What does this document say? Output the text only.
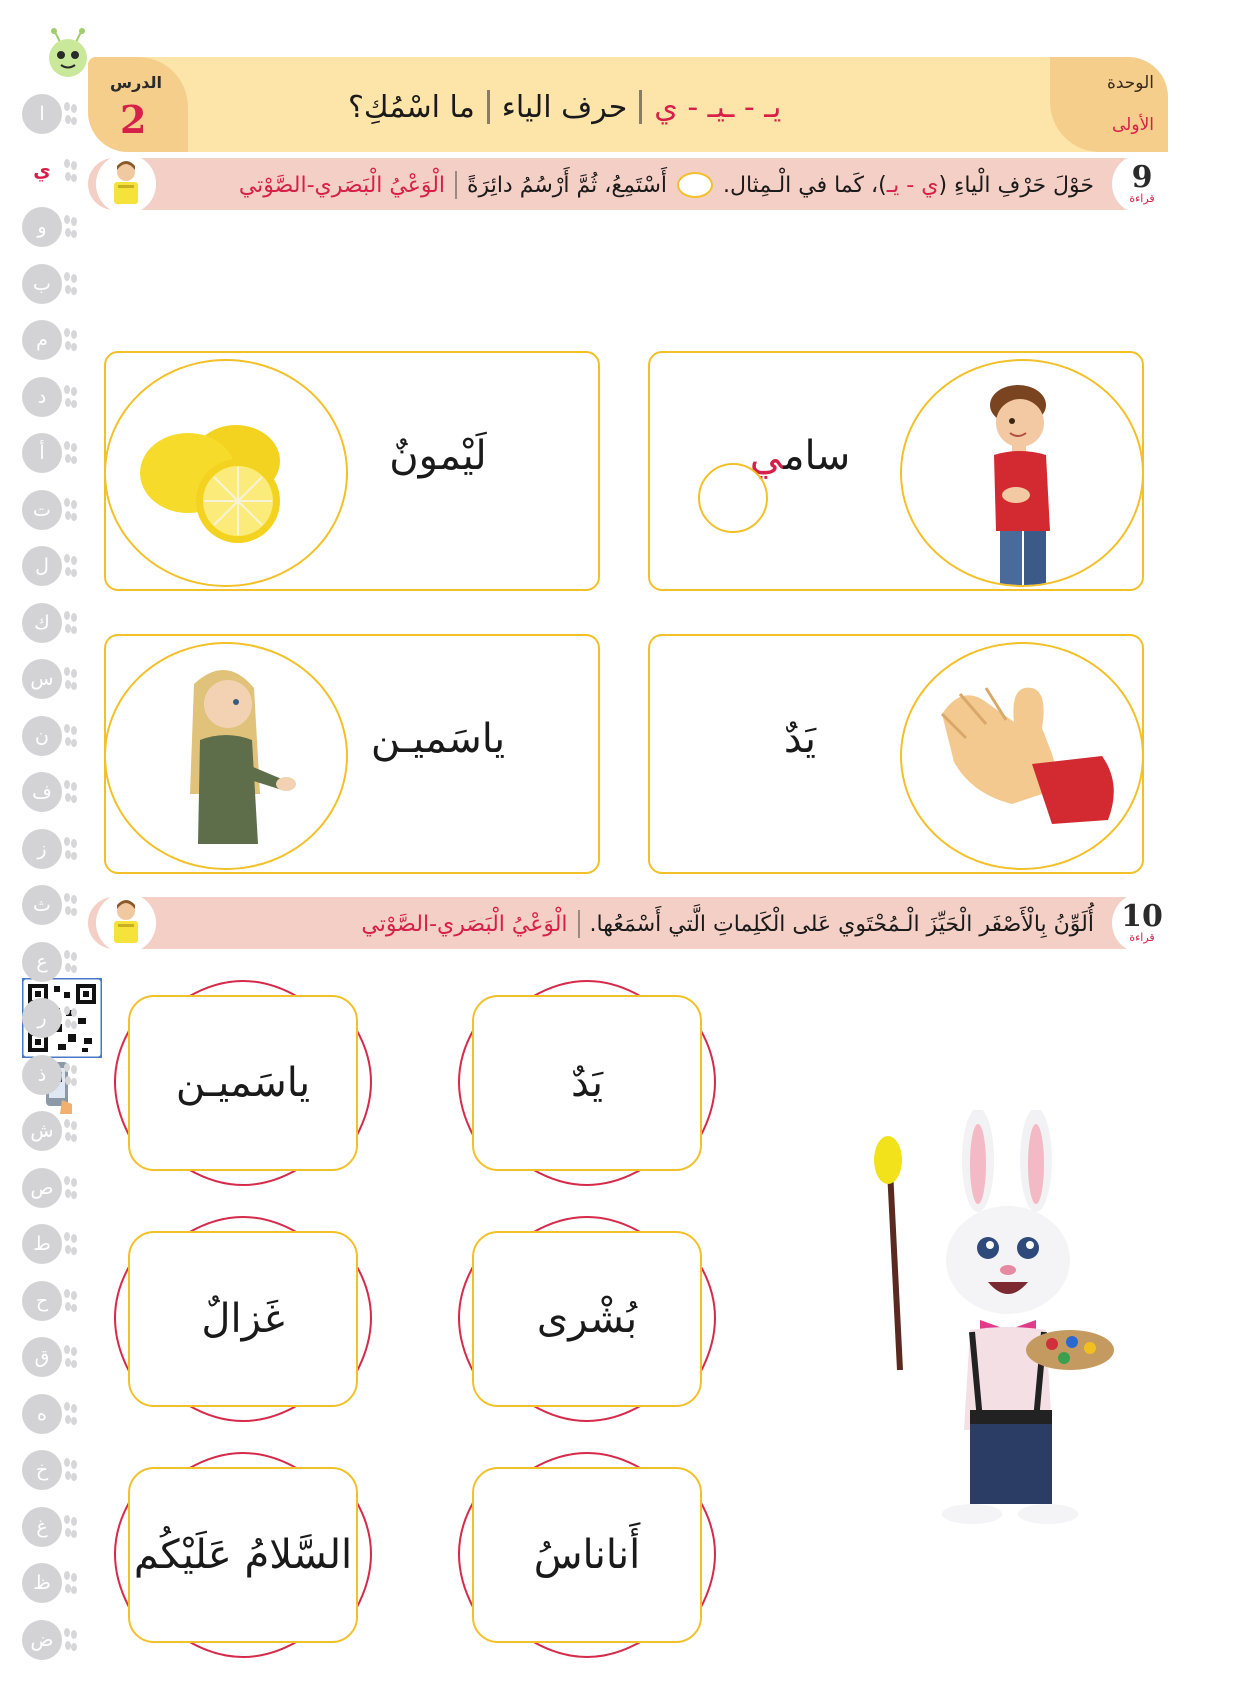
الدرس
2	ما اسْمُكِ؟ حرف الياء يـ - ـيـ - ي
الوحدة
الأولى
9
قراءة
الْوَعْيُ الْبَصَري-الصَّوْتي أَسْتَمِعُ، ثُمَّ أَرْسُمُ دائِرَةً	حَوْلَ حَرْفِ الْياءِ (ي - يـ)، كَما في الْـمِثال.
سامي
لَيْمونٌ
يَدٌ
ياسَميـن
10
قراءة
الْوَعْيُ الْبَصَري-الصَّوْتي أُلَوِّنُ بِالْأَصْفَر الْحَيِّزَ الْـمُحْتَوي عَلى الْكَلِماتِ الَّتي أَسْمَعُها.
يَدٌ
ياسَميـن
بُشْرى
غَزالٌ
أَناناسُ
السَّلامُ عَلَيْكُم
ا
ي
و
ب
م
د
أ
ت
ل
ك
س
ن
ف
ز
ث
ع
ر
ذ
ش
ص
ط
ح
ق
ه
خ
غ
ظ
ض
